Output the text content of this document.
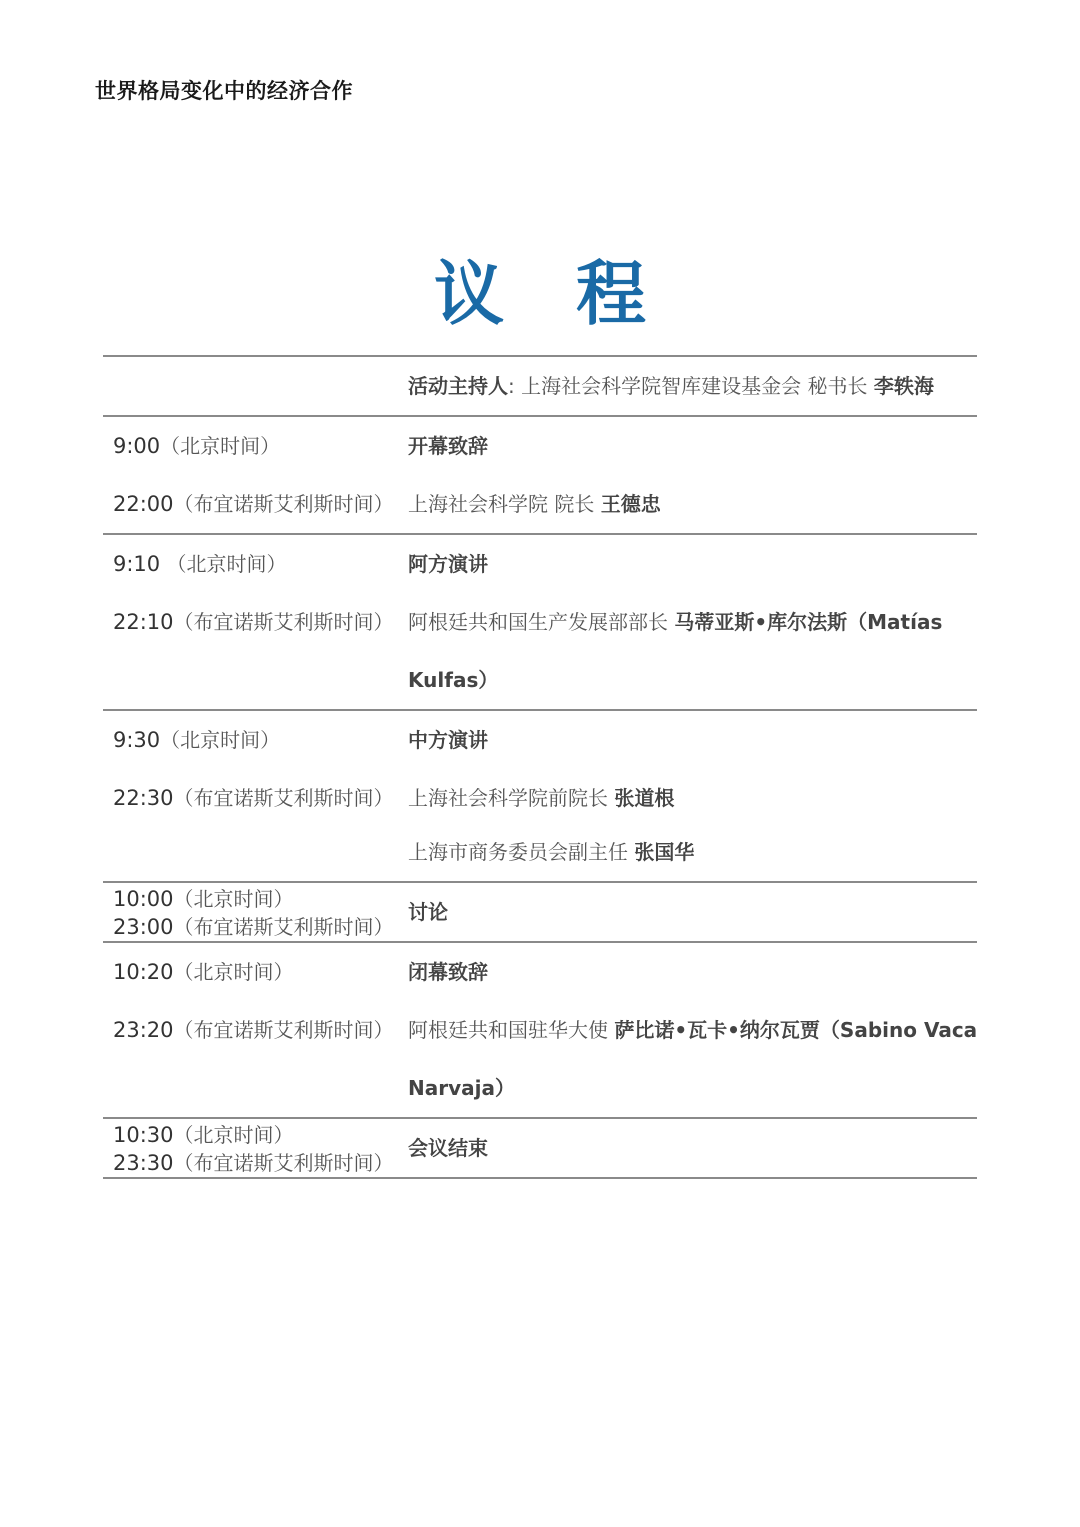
世界格局变化中的经济合作
议 程
活动主持人: 上海社会科学院智库建设基金会 秘书长 李轶海
9:00（北京时间）
22:00（布宜诺斯艾利斯时间）
开幕致辞
上海社会科学院 院长 王德忠
9:10 （北京时间）
22:10（布宜诺斯艾利斯时间）
阿方演讲
阿根廷共和国生产发展部部长 马蒂亚斯•库尔法斯（Matías
Kulfas）
9:30（北京时间）
22:30（布宜诺斯艾利斯时间）
中方演讲
上海社会科学院前院长 张道根
上海市商务委员会副主任 张国华
10:00（北京时间）
23:00（布宜诺斯艾利斯时间）
讨论
10:20（北京时间）
23:20（布宜诺斯艾利斯时间）
闭幕致辞
阿根廷共和国驻华大使 萨比诺•瓦卡•纳尔瓦贾（Sabino Vaca
Narvaja）
10:30（北京时间）
23:30（布宜诺斯艾利斯时间）
会议结束
